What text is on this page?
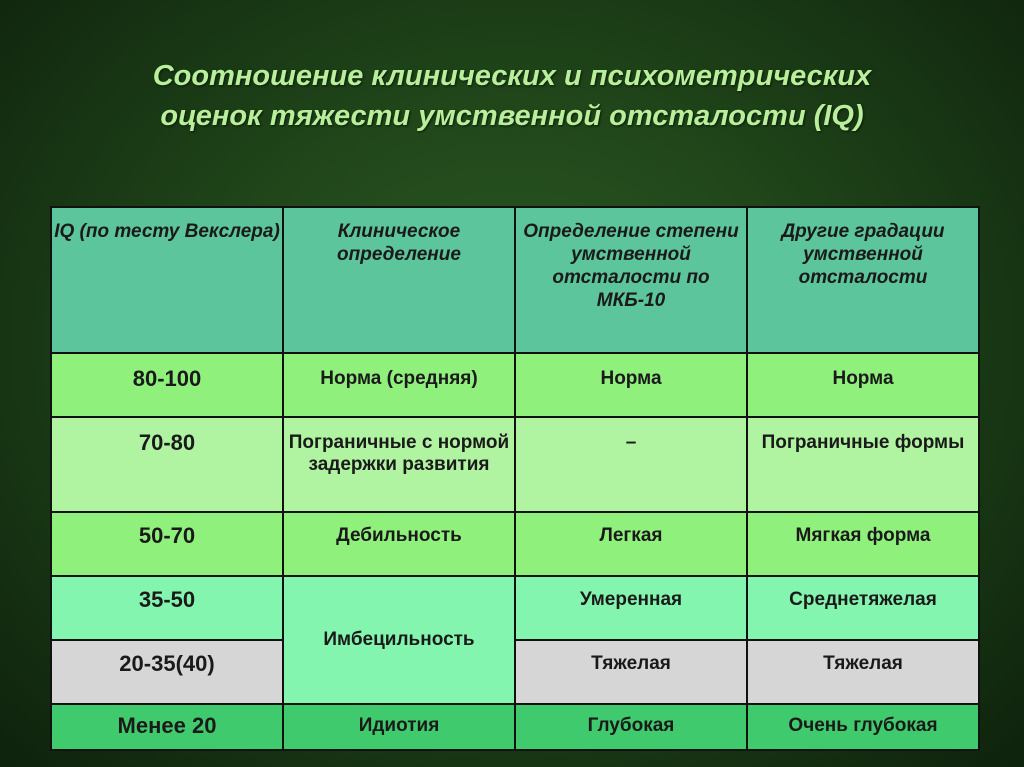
Соотношение клинических и психометрических
оценок тяжести умственной отсталости (IQ)
IQ (по тесту Векслера)	Клиническое определение	Определение степени умственной отсталости по МКБ-10	Другие градации умственной отсталости
80-100	Норма (средняя)	Норма	Норма
70-80	Пограничные с нормой задержки развития	–	Пограничные формы
50-70	Дебильность	Легкая	Мягкая форма
35-50	Имбецильность	Умеренная	Среднетяжелая
20-35(40)		Тяжелая	Тяжелая
Менее 20	Идиотия	Глубокая	Очень глубокая
